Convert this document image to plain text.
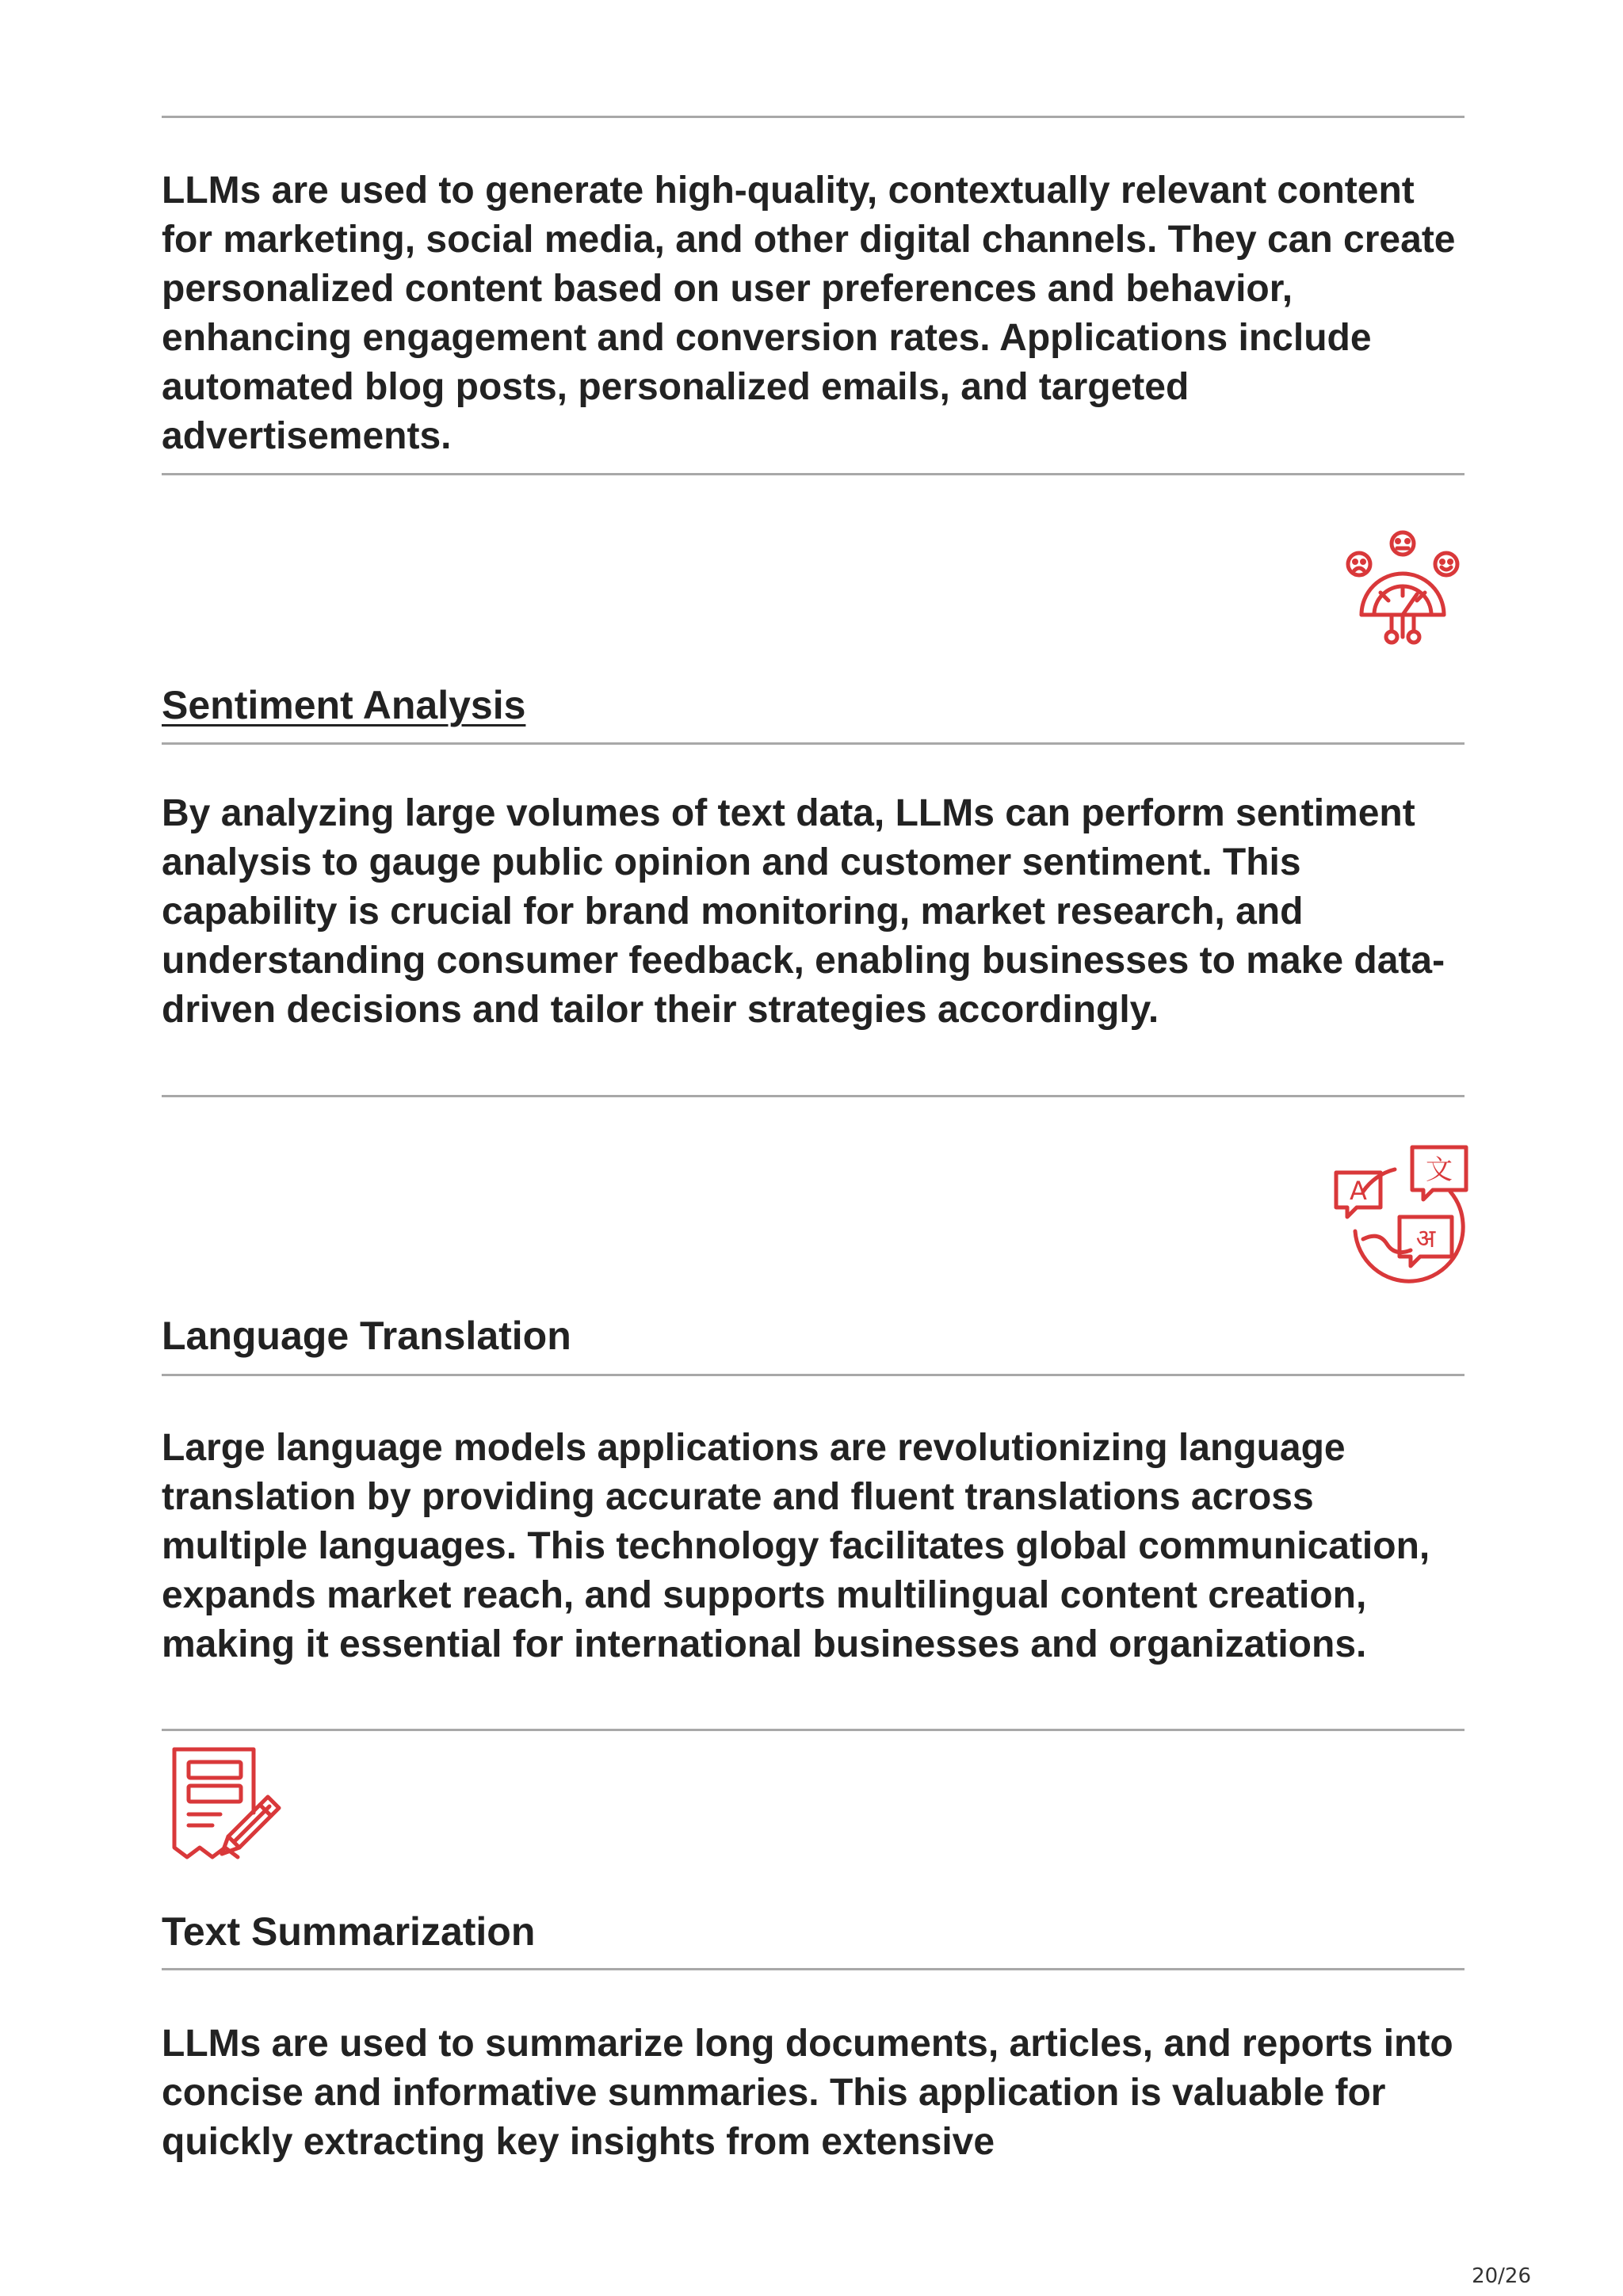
LLMs are used to generate high-quality, contextually relevant content for marketing, social media, and other digital channels. They can create personalized content based on user preferences and behavior, enhancing engagement and conversion rates. Applications include automated blog posts, personalized emails, and targeted advertisements.

Sentiment Analysis

By analyzing large volumes of text data, LLMs can perform sentiment analysis to gauge public opinion and customer sentiment. This capability is crucial for brand monitoring, market research, and understanding consumer feedback, enabling businesses to make data-driven decisions and tailor their strategies accordingly.

A
文
अ
Language Translation

Large language models applications are revolutionizing language translation by providing accurate and fluent translations across multiple languages. This technology facilitates global communication, expands market reach, and supports multilingual content creation, making it essential for international businesses and organizations.

Text Summarization

LLMs are used to summarize long documents, articles, and reports into concise and informative summaries. This application is valuable for quickly extracting key insights from extensive

20/26
